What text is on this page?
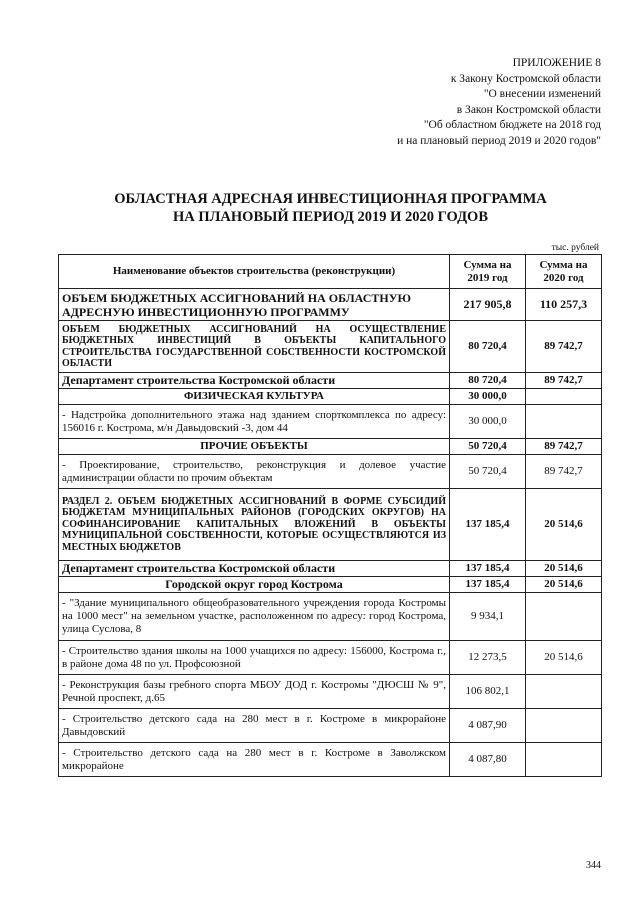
ПРИЛОЖЕНИЕ 8
к Закону Костромской области
"О внесении изменений
в Закон Костромской области
"Об областном бюджете на 2018 год
и на плановый период 2019 и 2020 годов"
ОБЛАСТНАЯ АДРЕСНАЯ ИНВЕСТИЦИОННАЯ ПРОГРАММА
НА ПЛАНОВЫЙ ПЕРИОД 2019 И 2020 ГОДОВ
тыс. рублей
Наименование объектов строительства (реконструкции)	Сумма на 2019 год	Сумма на 2020 год
ОБЪЕМ БЮДЖЕТНЫХ АССИГНОВАНИЙ НА ОБЛАСТНУЮ АДРЕСНУЮ ИНВЕСТИЦИОННУЮ ПРОГРАММУ	217 905,8	110 257,3
ОБЪЕМ БЮДЖЕТНЫХ АССИГНОВАНИЙ НА ОСУЩЕСТВЛЕНИЕ БЮДЖЕТНЫХ ИНВЕСТИЦИЙ В ОБЪЕКТЫ КАПИТАЛЬНОГО СТРОИТЕЛЬСТВА ГОСУДАРСТВЕННОЙ СОБСТВЕННОСТИ КОСТРОМСКОЙ ОБЛАСТИ	80 720,4	89 742,7
Департамент строительства Костромской области	80 720,4	89 742,7
ФИЗИЧЕСКАЯ КУЛЬТУРА	30 000,0	
- Надстройка дополнительного этажа над зданием спорткомплекса по адресу: 156016 г. Кострома, м/н Давыдовский -3, дом 44	30 000,0	
ПРОЧИЕ ОБЪЕКТЫ	50 720,4	89 742,7
- Проектирование, строительство, реконструкция и долевое участие администрации области по прочим объектам	50 720,4	89 742,7
РАЗДЕЛ 2. ОБЪЕМ БЮДЖЕТНЫХ АССИГНОВАНИЙ В ФОРМЕ СУБСИДИЙ БЮДЖЕТАМ МУНИЦИПАЛЬНЫХ РАЙОНОВ (ГОРОДСКИХ ОКРУГОВ) НА СОФИНАНСИРОВАНИЕ КАПИТАЛЬНЫХ ВЛОЖЕНИЙ В ОБЪЕКТЫ МУНИЦИПАЛЬНОЙ СОБСТВЕННОСТИ, КОТОРЫЕ ОСУЩЕСТВЛЯЮТСЯ ИЗ МЕСТНЫХ БЮДЖЕТОВ	137 185,4	20 514,6
Департамент строительства Костромской области	137 185,4	20 514,6
Городской округ город Кострома	137 185,4	20 514,6
- "Здание муниципального общеобразовательного учреждения города Костромы на 1000 мест" на земельном участке, расположенном по адресу: город Кострома, улица Суслова, 8	9 934,1	
- Строительство здания школы на 1000 учащихся по адресу: 156000, Кострома г., в районе дома 48 по ул. Профсоюзной	12 273,5	20 514,6
- Реконструкция базы гребного спорта МБОУ ДОД г. Костромы "ДЮСШ № 9", Речной проспект, д.65	106 802,1	
- Строительство детского сада на 280 мест в г. Костроме в микрорайоне Давыдовский	4 087,90	
- Строительство детского сада на 280 мест в г. Костроме в Заволжском микрорайоне	4 087,80	
344
